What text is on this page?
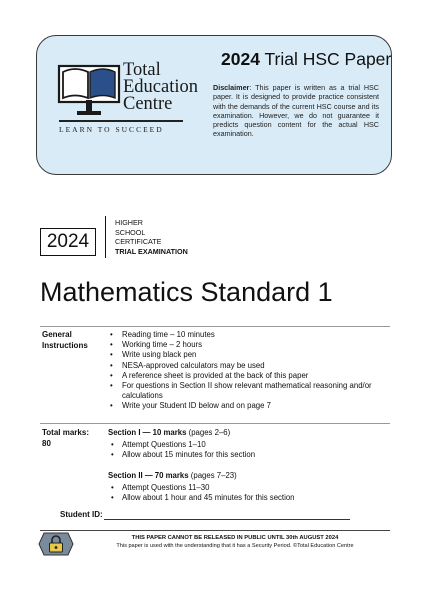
Total
Education
Centre
LEARN TO SUCCEED
2024 Trial HSC Paper
Disclaimer: This paper is written as a trial HSC paper. It is designed to provide practice consistent with the demands of the current HSC course and its examination. However, we do not guarantee it predicts question content for the actual HSC examination.
2024
HIGHER
SCHOOL
CERTIFICATE
TRIAL EXAMINATION
Mathematics Standard 1
General
Instructions
• Reading time – 10 minutes
• Working time – 2 hours
• Write using black pen
• NESA-approved calculators may be used
• A reference sheet is provided at the back of this paper
• For questions in Section II show relevant mathematical reasoning and/or calculations
• Write your Student ID below and on page 7
Total marks:
80
Section I — 10 marks (pages 2–6)
• Attempt Questions 1–10
• Allow about 15 minutes for this section
Section II — 70 marks (pages 7–23)
• Attempt Questions 11–30
• Allow about 1 hour and 45 minutes for this section
Student ID:
THIS PAPER CANNOT BE RELEASED IN PUBLIC UNTIL 30th AUGUST 2024
This paper is used with the understanding that it has a Security Period. ©Total Education Centre
